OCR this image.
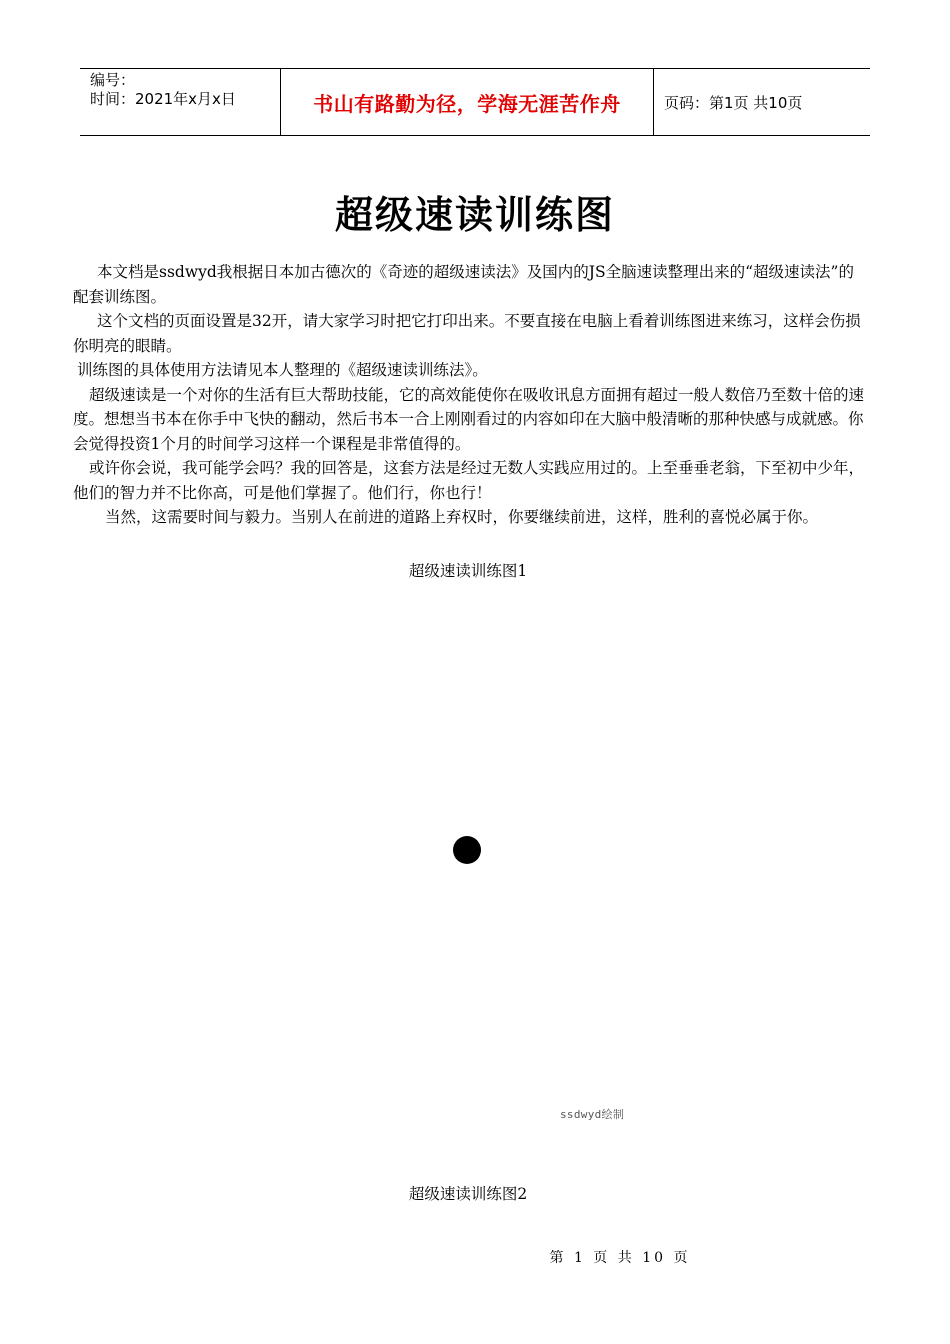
编号：
时间：2021年x月x日	书山有路勤为径，学海无涯苦作舟	页码：第1页 共10页
超级速读训练图

本文档是ssdwyd我根据日本加古德次的《奇迹的超级速读法》及国内的JS全脑速读整理出来的“超级速读法”的配套训练图。

这个文档的页面设置是32开，请大家学习时把它打印出来。不要直接在电脑上看着训练图进来练习，这样会伤损你明亮的眼睛。

训练图的具体使用方法请见本人整理的《超级速读训练法》。

超级速读是一个对你的生活有巨大帮助技能，它的高效能使你在吸收讯息方面拥有超过一般人数倍乃至数十倍的速度。想想当书本在你手中飞快的翻动，然后书本一合上刚刚看过的内容如印在大脑中般清晰的那种快感与成就感。你会觉得投资1个月的时间学习这样一个课程是非常值得的。

或许你会说，我可能学会吗？我的回答是，这套方法是经过无数人实践应用过的。上至垂垂老翁，下至初中少年，他们的智力并不比你高，可是他们掌握了。他们行，你也行！

当然，这需要时间与毅力。当别人在前进的道路上弃权时，你要继续前进，这样，胜利的喜悦必属于你。

超级速读训练图1
ssdwyd绘制
超级速读训练图2
第 1 页 共 10 页
